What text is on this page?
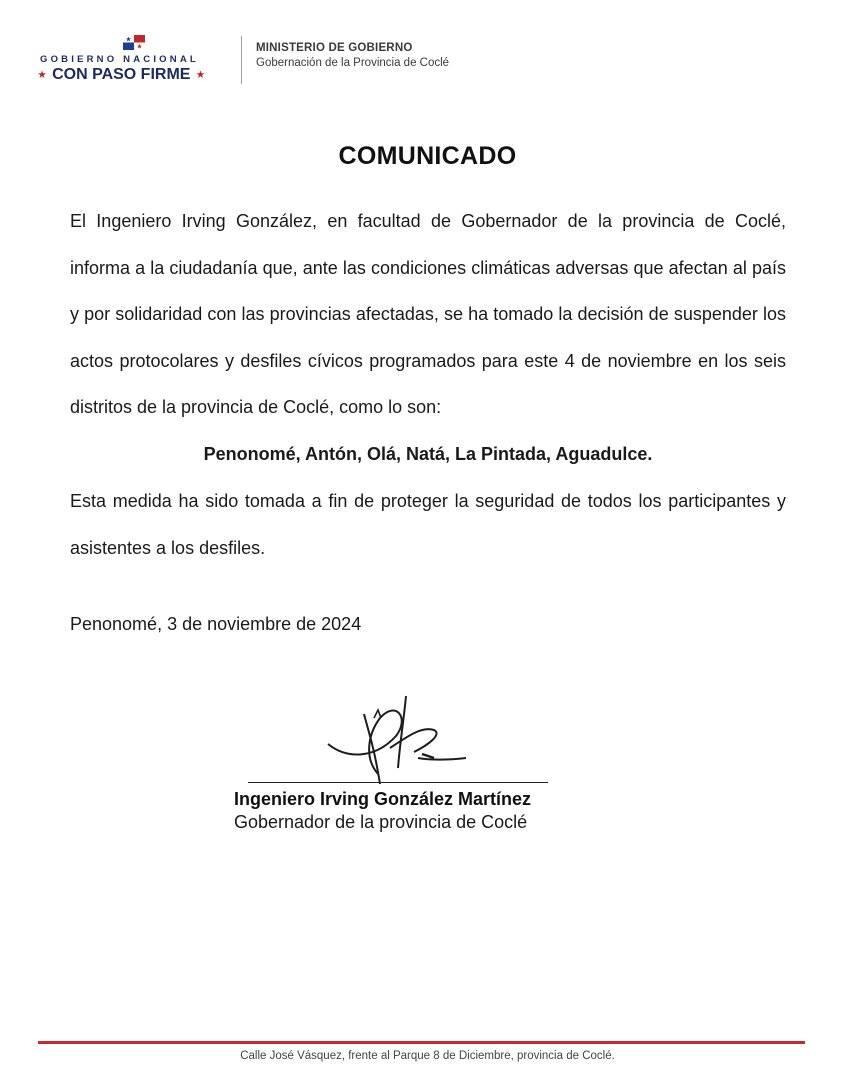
GOBIERNO NACIONAL
★ CON PASO FIRME ★
MINISTERIO DE GOBIERNO
Gobernación de la Provincia de Coclé
COMUNICADO

El Ingeniero Irving González, en facultad de Gobernador de la provincia de Coclé, informa a la ciudadanía que, ante las condiciones climáticas adversas que afectan al país y por solidaridad con las provincias afectadas, se ha tomado la decisión de suspender los actos protocolares y desfiles cívicos programados para este 4 de noviembre en los seis distritos de la provincia de Coclé, como lo son:

Penonomé, Antón, Olá, Natá, La Pintada, Aguadulce.

Esta medida ha sido tomada a fin de proteger la seguridad de todos los participantes y asistentes a los desfiles.

Penonomé, 3 de noviembre de 2024
Ingeniero Irving González Martínez
Gobernador de la provincia de Coclé
Calle José Vásquez, frente al Parque 8 de Diciembre, provincia de Coclé.
